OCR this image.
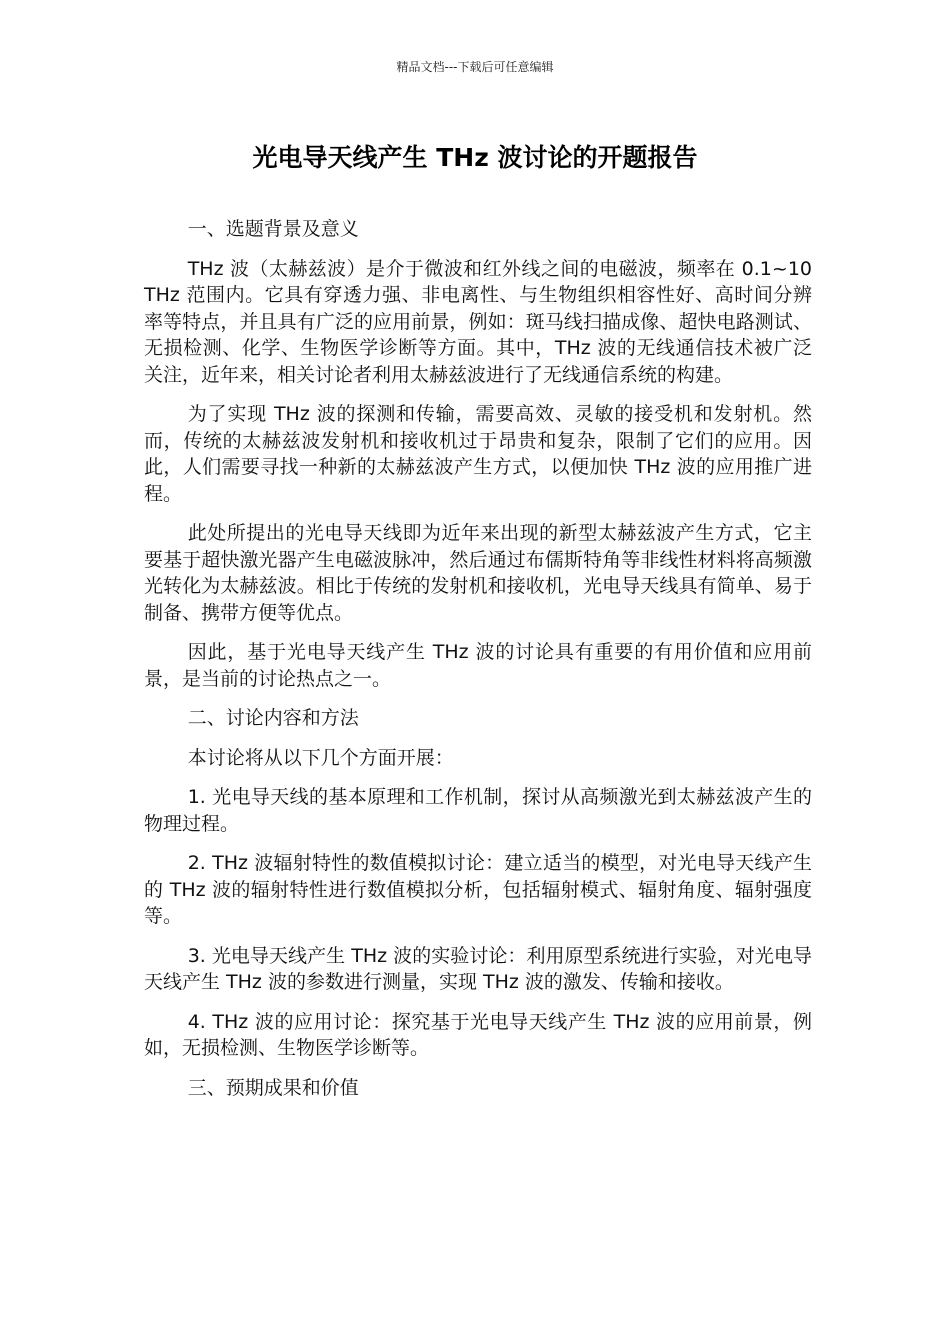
精品文档---下载后可任意编辑

光电导天线产生 THz 波讨论的开题报告

一、选题背景及意义

THz 波（太赫兹波）是介于微波和红外线之间的电磁波，频率在 0.1~10 THz 范围内。它具有穿透力强、非电离性、与生物组织相容性好、高时间分辨率等特点，并且具有广泛的应用前景，例如：斑马线扫描成像、超快电路测试、无损检测、化学、生物医学诊断等方面。其中，THz 波的无线通信技术被广泛关注，近年来，相关讨论者利用太赫兹波进行了无线通信系统的构建。

为了实现 THz 波的探测和传输，需要高效、灵敏的接受机和发射机。然而，传统的太赫兹波发射机和接收机过于昂贵和复杂，限制了它们的应用。因此，人们需要寻找一种新的太赫兹波产生方式，以便加快 THz 波的应用推广进程。

此处所提出的光电导天线即为近年来出现的新型太赫兹波产生方式，它主要基于超快激光器产生电磁波脉冲，然后通过布儒斯特角等非线性材料将高频激光转化为太赫兹波。相比于传统的发射机和接收机，光电导天线具有简单、易于制备、携带方便等优点。

因此，基于光电导天线产生 THz 波的讨论具有重要的有用价值和应用前景，是当前的讨论热点之一。

二、讨论内容和方法

本讨论将从以下几个方面开展：

1. 光电导天线的基本原理和工作机制，探讨从高频激光到太赫兹波产生的物理过程。

2. THz 波辐射特性的数值模拟讨论：建立适当的模型，对光电导天线产生的 THz 波的辐射特性进行数值模拟分析，包括辐射模式、辐射角度、辐射强度等。

3. 光电导天线产生 THz 波的实验讨论：利用原型系统进行实验，对光电导天线产生 THz 波的参数进行测量，实现 THz 波的激发、传输和接收。

4. THz 波的应用讨论：探究基于光电导天线产生 THz 波的应用前景，例如，无损检测、生物医学诊断等。

三、预期成果和价值
